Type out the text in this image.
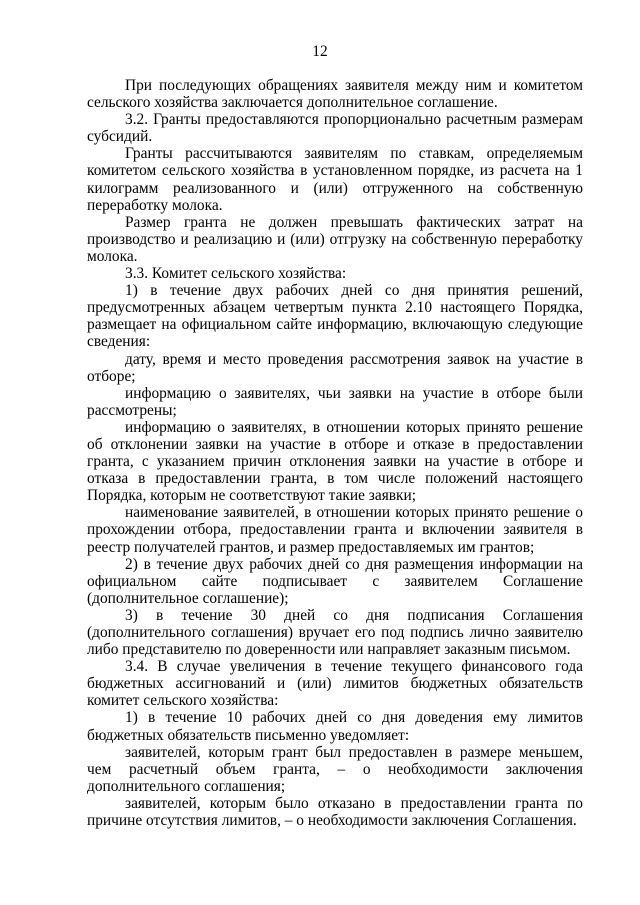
12

При последующих обращениях заявителя между ним и комитетом сельского хозяйства заключается дополнительное соглашение.

3.2. Гранты предоставляются пропорционально расчетным размерам субсидий.

Гранты рассчитываются заявителям по ставкам, определяемым комитетом сельского хозяйства в установленном порядке, из расчета на 1 килограмм реализованного и (или) отгруженного на собственную переработку молока.

Размер гранта не должен превышать фактических затрат на производство и реализацию и (или) отгрузку на собственную переработку молока.

3.3. Комитет сельского хозяйства:

1) в течение двух рабочих дней со дня принятия решений, предусмотренных абзацем четвертым пункта 2.10 настоящего Порядка, размещает на официальном сайте информацию, включающую следующие сведения:

дату, время и место проведения рассмотрения заявок на участие в отборе;

информацию о заявителях, чьи заявки на участие в отборе были рассмотрены;

информацию о заявителях, в отношении которых принято решение об отклонении заявки на участие в отборе и отказе в предоставлении гранта, с указанием причин отклонения заявки на участие в отборе и отказа в предоставлении гранта, в том числе положений настоящего Порядка, которым не соответствуют такие заявки;

наименование заявителей, в отношении которых принято решение о прохождении отбора, предоставлении гранта и включении заявителя в реестр получателей грантов, и размер предоставляемых им грантов;

2) в течение двух рабочих дней со дня размещения информации на официальном сайте подписывает с заявителем Соглашение (дополнительное соглашение);

3) в течение 30 дней со дня подписания Соглашения (дополнительного соглашения) вручает его под подпись лично заявителю либо представителю по доверенности или направляет заказным письмом.

3.4. В случае увеличения в течение текущего финансового года бюджетных ассигнований и (или) лимитов бюджетных обязательств комитет сельского хозяйства:

1) в течение 10 рабочих дней со дня доведения ему лимитов бюджетных обязательств письменно уведомляет:

заявителей, которым грант был предоставлен в размере меньшем, чем расчетный объем гранта, – о необходимости заключения дополнительного соглашения;

заявителей, которым было отказано в предоставлении гранта по причине отсутствия лимитов, – о необходимости заключения Соглашения.
